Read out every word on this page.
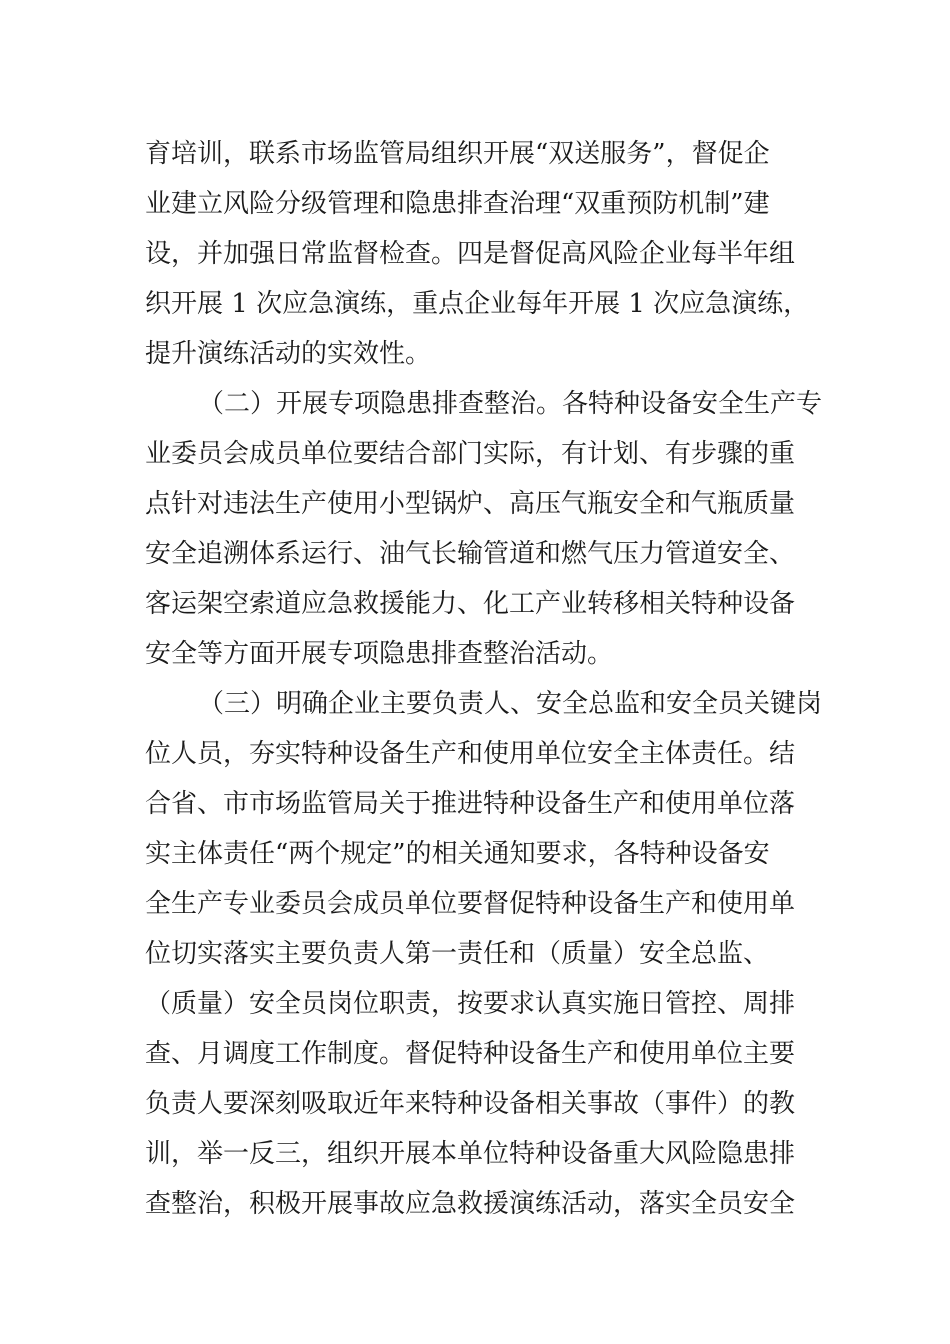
育培训，联系市场监管局组织开展“双送服务”，督促企
业建立风险分级管理和隐患排查治理“双重预防机制”建
设，并加强日常监督检查。四是督促高风险企业每半年组
织开展 1 次应急演练，重点企业每年开展 1 次应急演练，
提升演练活动的实效性。
（二）开展专项隐患排查整治。各特种设备安全生产专
业委员会成员单位要结合部门实际，有计划、有步骤的重
点针对违法生产使用小型锅炉、高压气瓶安全和气瓶质量
安全追溯体系运行、油气长输管道和燃气压力管道安全、
客运架空索道应急救援能力、化工产业转移相关特种设备
安全等方面开展专项隐患排查整治活动。
（三）明确企业主要负责人、安全总监和安全员关键岗
位人员，夯实特种设备生产和使用单位安全主体责任。结
合省、市市场监管局关于推进特种设备生产和使用单位落
实主体责任“两个规定”的相关通知要求，各特种设备安
全生产专业委员会成员单位要督促特种设备生产和使用单
位切实落实主要负责人第一责任和（质量）安全总监、
（质量）安全员岗位职责，按要求认真实施日管控、周排
查、月调度工作制度。督促特种设备生产和使用单位主要
负责人要深刻吸取近年来特种设备相关事故（事件）的教
训，举一反三，组织开展本单位特种设备重大风险隐患排
查整治，积极开展事故应急救援演练活动，落实全员安全
